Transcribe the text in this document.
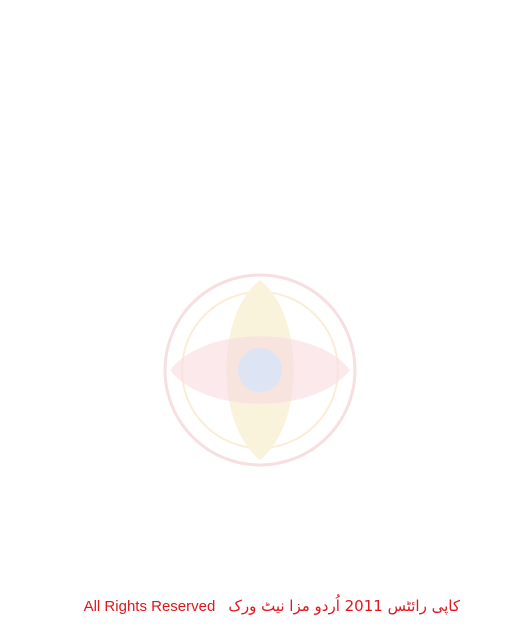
کاپی رائٹس 2011 اُردو مزا نیٹ ورک All Rights Reserved
